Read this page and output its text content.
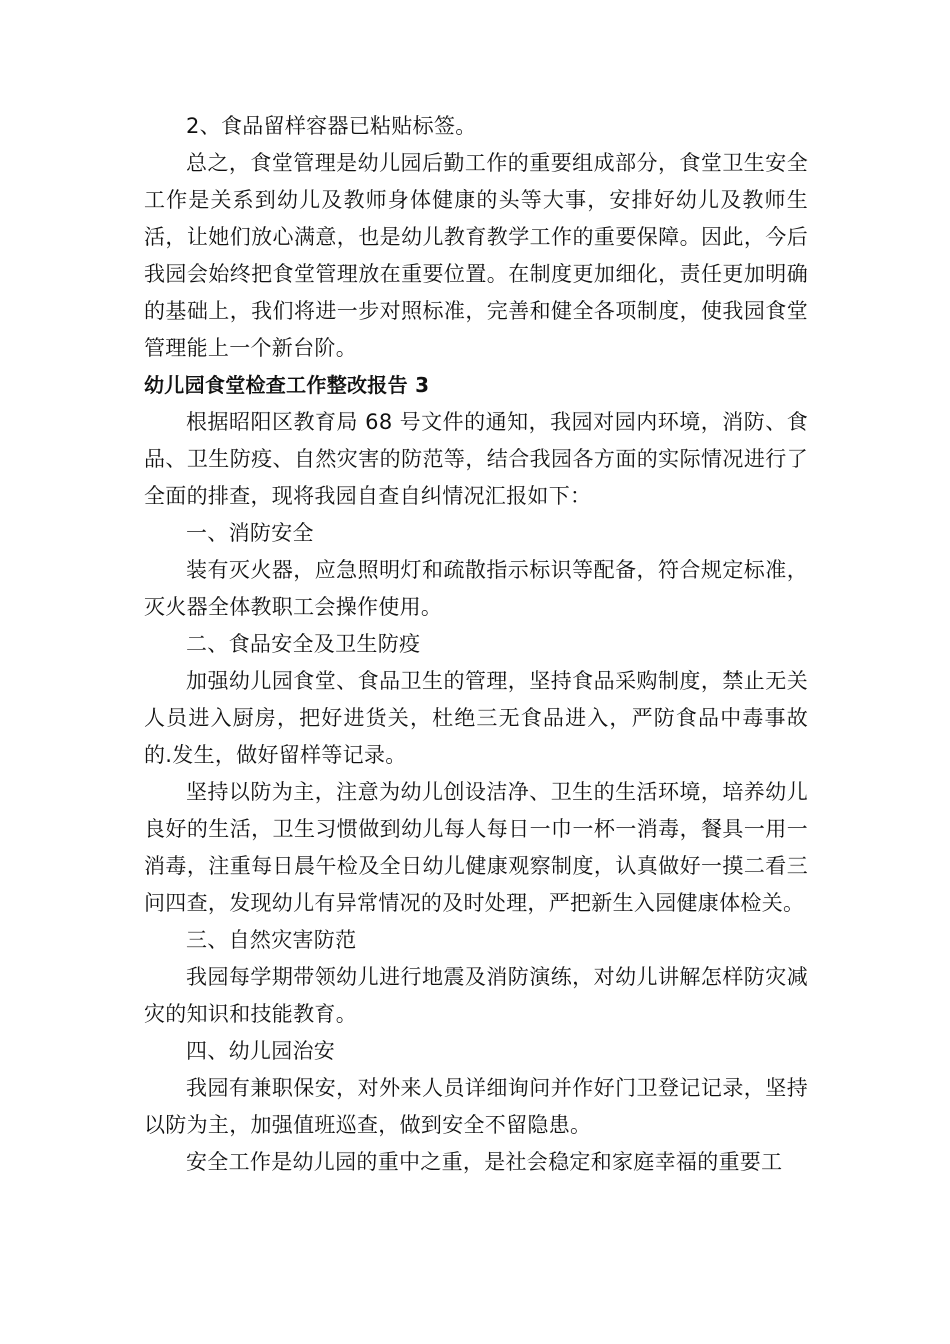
2、食品留样容器已粘贴标签。

总之，食堂管理是幼儿园后勤工作的重要组成部分，食堂卫生安全工作是关系到幼儿及教师身体健康的头等大事，安排好幼儿及教师生活，让她们放心满意，也是幼儿教育教学工作的重要保障。因此，今后我园会始终把食堂管理放在重要位置。在制度更加细化，责任更加明确的基础上，我们将进一步对照标准，完善和健全各项制度，使我园食堂管理能上一个新台阶。

幼儿园食堂检查工作整改报告 3

根据昭阳区教育局 68 号文件的通知，我园对园内环境，消防、食品、卫生防疫、自然灾害的防范等，结合我园各方面的实际情况进行了全面的排查，现将我园自查自纠情况汇报如下：

一、消防安全

装有灭火器，应急照明灯和疏散指示标识等配备，符合规定标准，灭火器全体教职工会操作使用。

二、食品安全及卫生防疫

加强幼儿园食堂、食品卫生的管理，坚持食品采购制度，禁止无关人员进入厨房，把好进货关，杜绝三无食品进入，严防食品中毒事故的.发生，做好留样等记录。

坚持以防为主，注意为幼儿创设洁净、卫生的生活环境，培养幼儿良好的生活，卫生习惯做到幼儿每人每日一巾一杯一消毒，餐具一用一消毒，注重每日晨午检及全日幼儿健康观察制度，认真做好一摸二看三问四查，发现幼儿有异常情况的及时处理，严把新生入园健康体检关。

三、自然灾害防范

我园每学期带领幼儿进行地震及消防演练，对幼儿讲解怎样防灾减灾的知识和技能教育。

四、幼儿园治安

我园有兼职保安，对外来人员详细询问并作好门卫登记记录，坚持以防为主，加强值班巡查，做到安全不留隐患。

安全工作是幼儿园的重中之重，是社会稳定和家庭幸福的重要工
